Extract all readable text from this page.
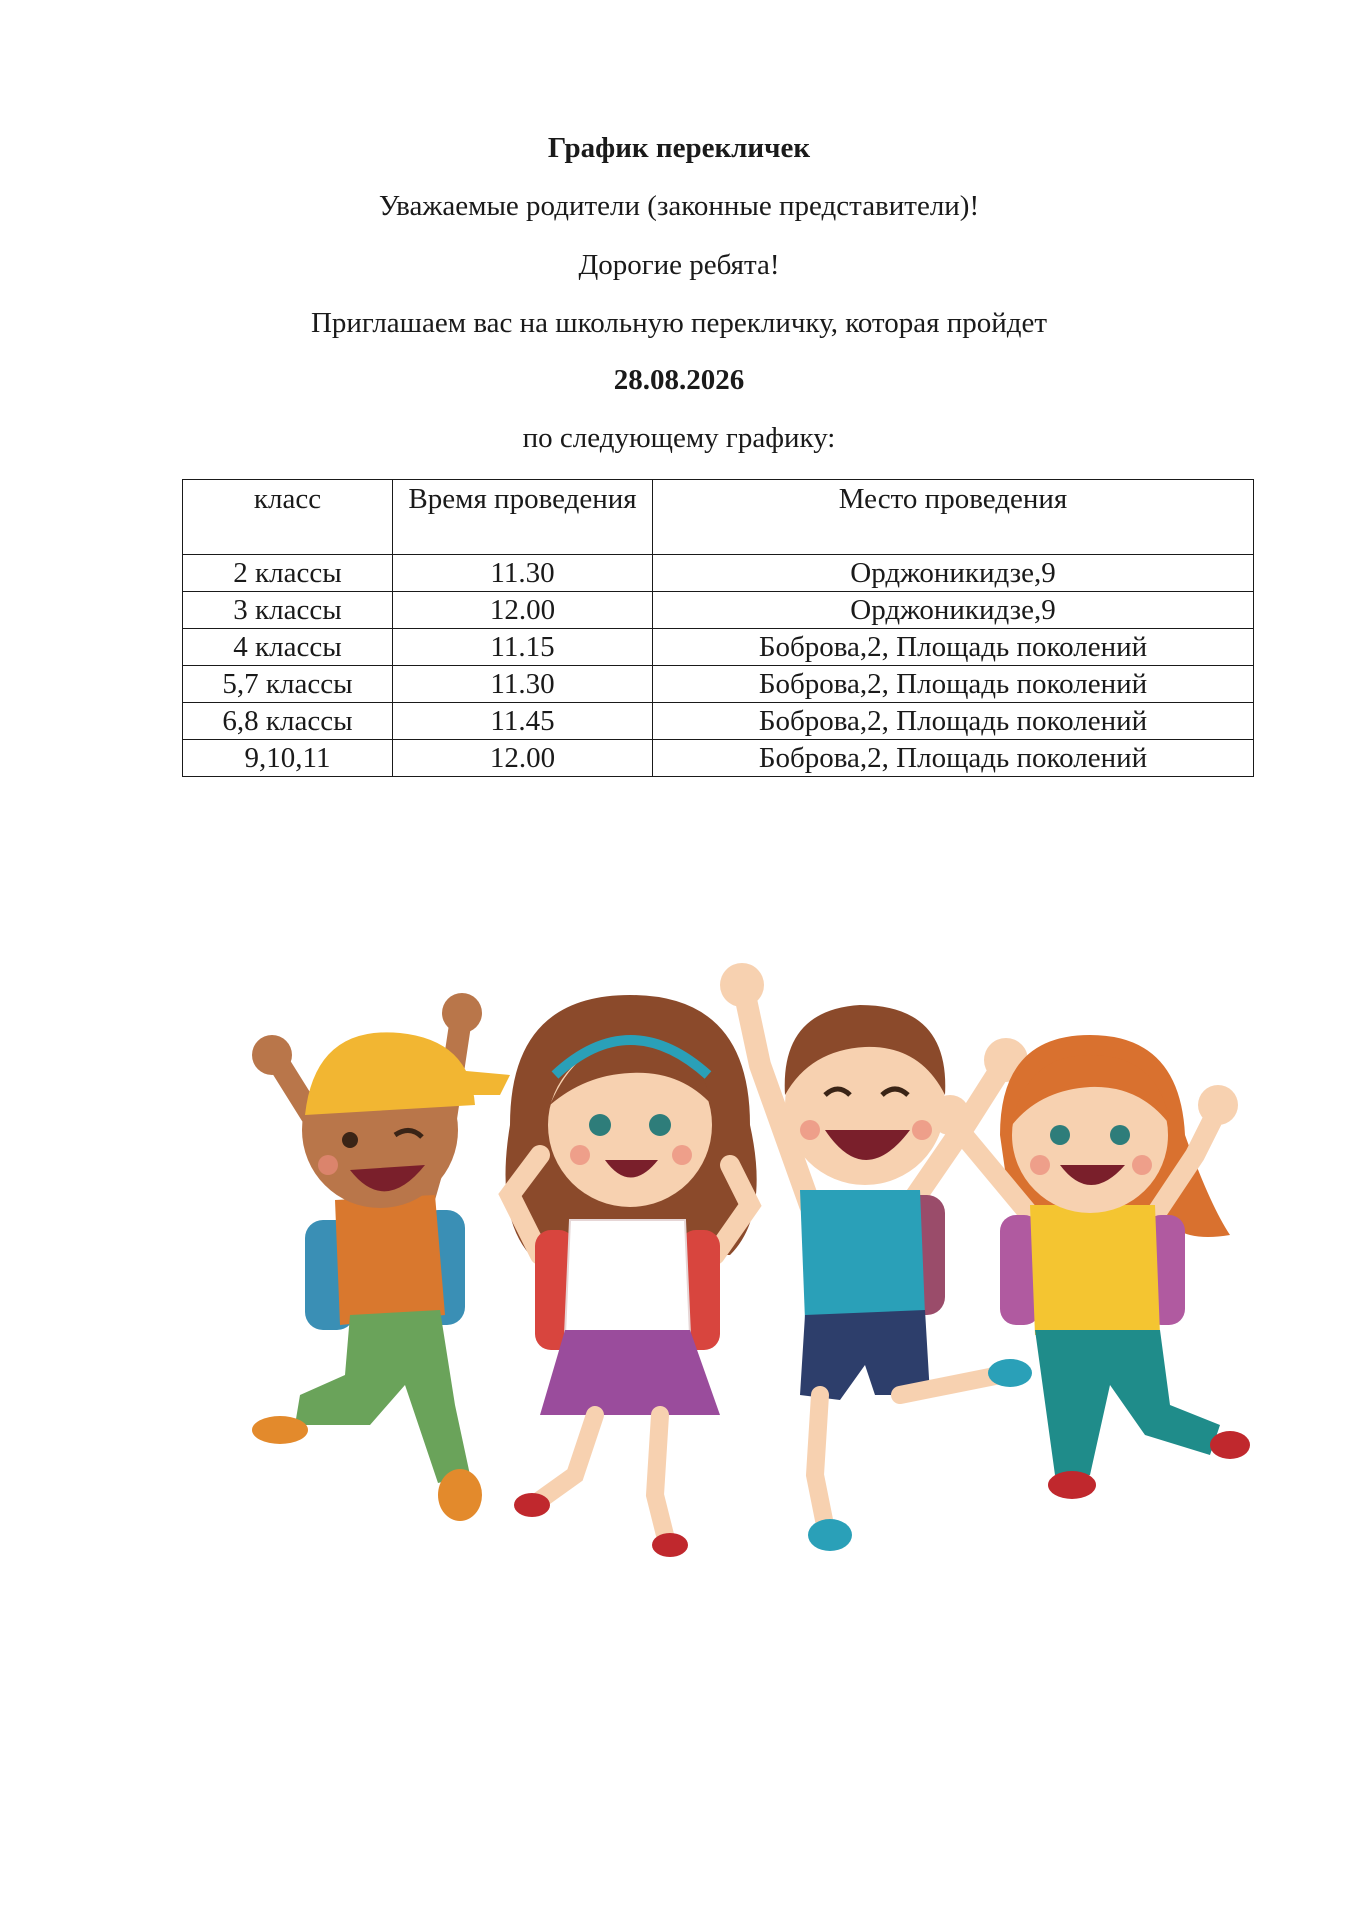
График перекличек
Уважаемые родители (законные представители)!
Дорогие ребята!
Приглашаем вас на школьную перекличку, которая пройдет
28.08.2026
по следующему графику:
класс	Время проведения	Место проведения
2 классы	11.30	Орджоникидзе,9
3 классы	12.00	Орджоникидзе,9
4 классы	11.15	Боброва,2, Площадь поколений
5,7 классы	11.30	Боброва,2, Площадь поколений
6,8 классы	11.45	Боброва,2, Площадь поколений
9,10,11	12.00	Боброва,2, Площадь поколений
